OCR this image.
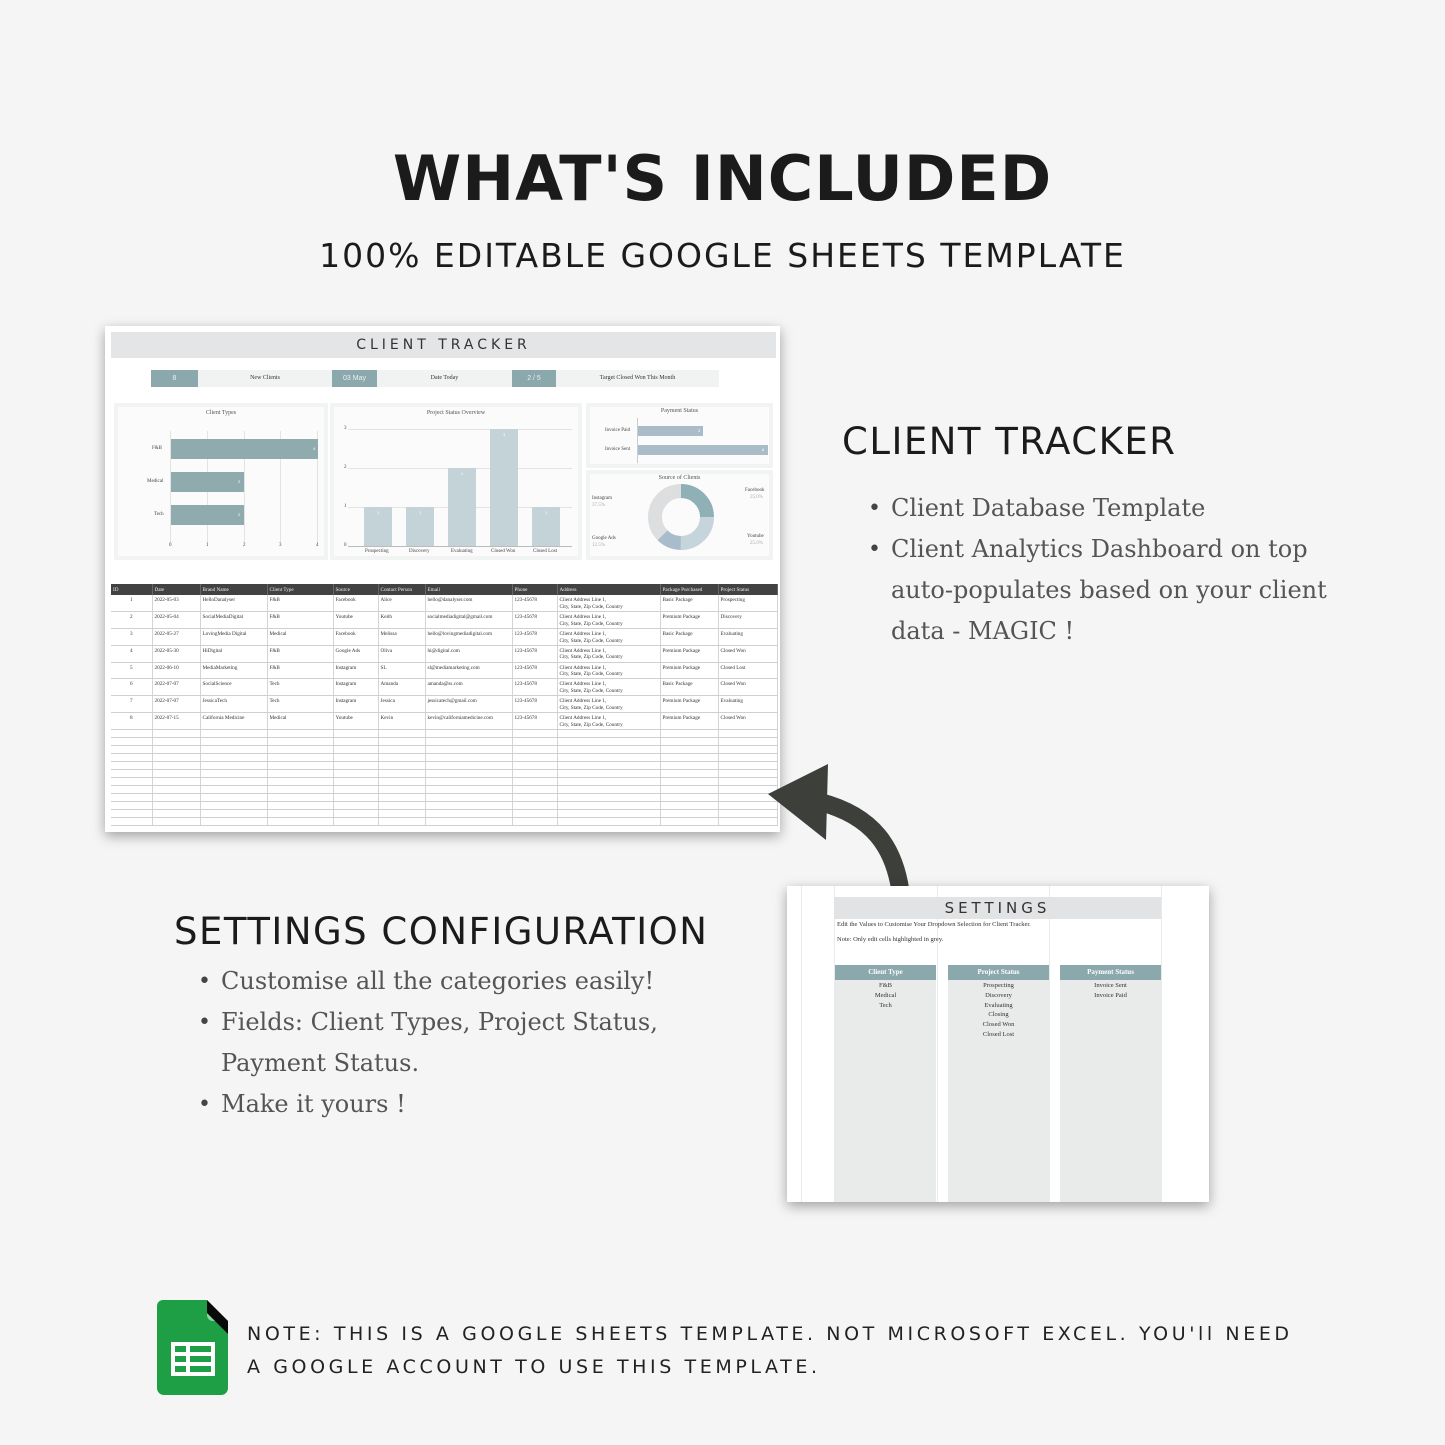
WHAT'S INCLUDED
100% EDITABLE GOOGLE SHEETS TEMPLATE
CLIENT TRACKER
8	New Clients	03 May	Date Today	2 / 5	Target Closed Won This Month
Client Types
F&B	4
Medical	2
Tech	2
0	1	2	3	4
Project Status Overview
3
2
1
0
1	1
2
3
1
Prospecting	Discovery	Evaluating	Closed Won	Closed Lost
Payment Status
Invoice Paid	3
Invoice Sent	6
Source of Clients
Facebook
25.0%
Youtube
25.0%
Google Ads
12.5%
Instagram
37.5%
ID	Date	Brand Name	Client Type	Source	Contact Person	Email	Phone	Address	Package Purchased	Project Status
1	2022-05-03	HelloDanalyser	F&B	Facebook	Alice	hello@danalyser.com	123-45678	Client Address Line 1,
City, State, Zip Code, Country	Basic Package	Prospecting
2	2022-05-04	SocialMediaDigital	F&B	Youtube	Keith	socialmediadigital@gmail.com	123-45678	Client Address Line 1,
City, State, Zip Code, Country	Premium Package	Discovery
3	2022-05-27	LovingMedia Digital	Medical	Facebook	Melissa	hello@lovingmediadigital.com	123-45678	Client Address Line 1,
City, State, Zip Code, Country	Basic Package	Evaluating
4	2022-05-30	HiDigital	F&B	Google Ads	Oliva	hi@digital.com	123-45678	Client Address Line 1,
City, State, Zip Code, Country	Premium Package	Closed Won
5	2022-06-10	MediaMarketing	F&B	Instagram	SL	sl@mediamarketing.com	123-45678	Client Address Line 1,
City, State, Zip Code, Country	Premium Package	Closed Lost
6	2022-07-07	SocialScience	Tech	Instagram	Amanda	amanda@ss.com	123-45678	Client Address Line 1,
City, State, Zip Code, Country	Basic Package	Closed Won
7	2022-07-07	JessicaTech	Tech	Instagram	Jessica	jessicatech@gmail.com	123-45678	Client Address Line 1,
City, State, Zip Code, Country	Premium Package	Evaluating
8	2022-07-15	California Medicine	Medical	Youtube	Kevin	kevin@californiamedicine.com	123-45678	Client Address Line 1,
City, State, Zip Code, Country	Premium Package	Closed Won

CLIENT TRACKER
• Client Database Template
• Client Analytics Dashboard on top auto-populates based on your client data - MAGIC !
SETTINGS CONFIGURATION
• Customise all the categories easily!
• Fields: Client Types, Project Status, Payment Status.
• Make it yours !
SETTINGS
Edit the Values to Customise Your Dropdown Selection for Client Tracker.
Note: Only edit cells highlighted in grey.
Client Type
F&B
Medical
Tech
Project Status
Prospecting
Discovery
Evaluating
Closing
Closed Won
Closed Lost
Payment Status
Invoice Sent
Invoice Paid
NOTE: THIS IS A GOOGLE SHEETS TEMPLATE. NOT MICROSOFT EXCEL. YOU'll NEED A GOOGLE ACCOUNT TO USE THIS TEMPLATE.
